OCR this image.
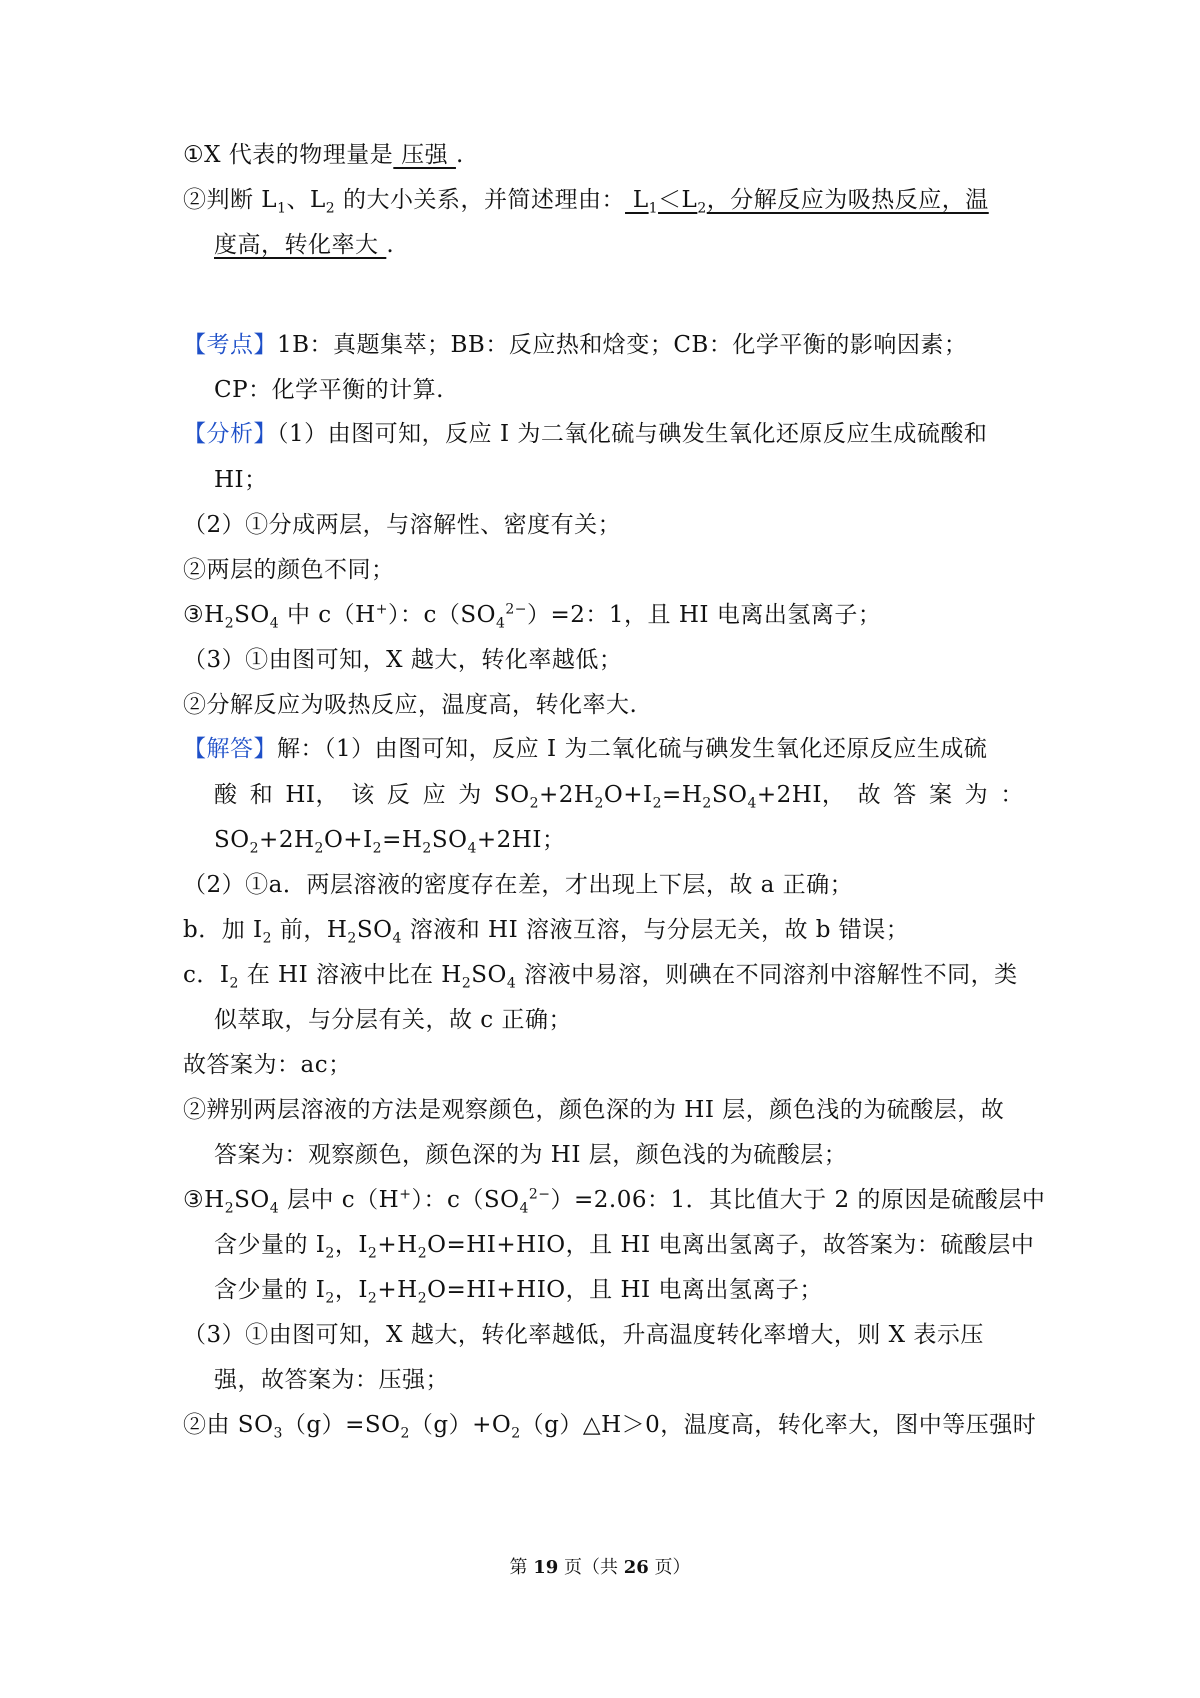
①X 代表的物理量是 压强 .
②判断 $L_1$、$L_2$ 的大小关系，并简述理由： $L_1<L_2$，分解反应为吸热反应，温
度高，转化率大 .
【考点】1B：真题集萃；BB：反应热和焓变；CB：化学平衡的影响因素；
CP：化学平衡的计算.
【分析】（1）由图可知，反应 I 为二氧化硫与碘发生氧化还原反应生成硫酸和
HI；
（2）①分成两层，与溶解性、密度有关；
②两层的颜色不同；
$③H_2SO_4$ 中 c（H+）：$c(SO_4^{2-})=2$：1，且 HI 电离出氢离子；
（3）①由图可知，X 越大，转化率越低；
②分解反应为吸热反应，温度高，转化率大.
【解答】解：（1）由图可知，反应 I 为二氧化硫与碘发生氧化还原反应生成硫
酸 和 HI， 该 反 应 为 $SO_2+2H_2O+I_2=H_2SO_4+2HI$， 故 答 案 为 ：
$SO_2+2H_2O+I_2=H_2SO_4+2HI$；
（2）①a．两层溶液的密度存在差，才出现上下层，故 a 正确；
b．加 $I_2$ 前，$H_2SO_4$ 溶液和 HI 溶液互溶，与分层无关，故 b 错误；
c．$I_2$ 在 HI 溶液中比在 $H_2SO_4$ 溶液中易溶，则碘在不同溶剂中溶解性不同，类
似萃取，与分层有关，故 c 正确；
故答案为：ac；
②辨别两层溶液的方法是观察颜色，颜色深的为 HI 层，颜色浅的为硫酸层，故
答案为：观察颜色，颜色深的为 HI 层，颜色浅的为硫酸层；
$③H_2SO_4$ 层中 c（H+）：$c(SO_4^{2-})=2.06$：1．其比值大于 2 的原因是硫酸层中
含少量的 $I_2$，$I_2+H_2O=HI+HIO$，且 HI 电离出氢离子，故答案为：硫酸层中
含少量的 $I_2$，$I_2+H_2O=HI+HIO$，且 HI 电离出氢离子；
（3）①由图可知，X 越大，转化率越低，升高温度转化率增大，则 X 表示压
强，故答案为：压强；
②由 $SO_3(g)=SO_2(g)+O_2(g)\triangle H>0$，温度高，转化率大，图中等压强时
第 19 页（共 26 页）
